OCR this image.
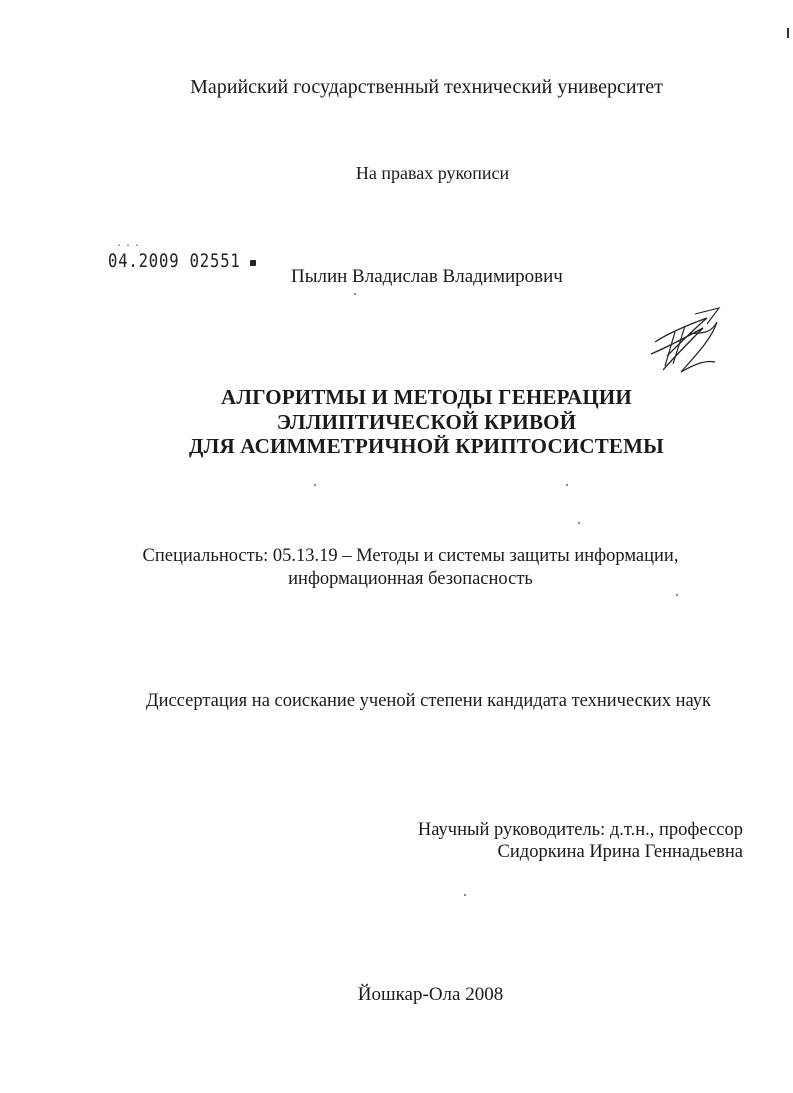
Марийский государственный технический университет
На правах рукописи
...
04.2009 02551
Пылин Владислав Владимирович
АЛГОРИТМЫ И МЕТОДЫ ГЕНЕРАЦИИ
ЭЛЛИПТИЧЕСКОЙ КРИВОЙ
ДЛЯ АСИММЕТРИЧНОЙ КРИПТОСИСТЕМЫ
Специальность: 05.13.19 – Методы и системы защиты информации,
информационная безопасность
Диссертация на соискание ученой степени кандидата технических наук
Научный руководитель: д.т.н., профессор
Сидоркина Ирина Геннадьевна
Йошкар-Ола 2008
